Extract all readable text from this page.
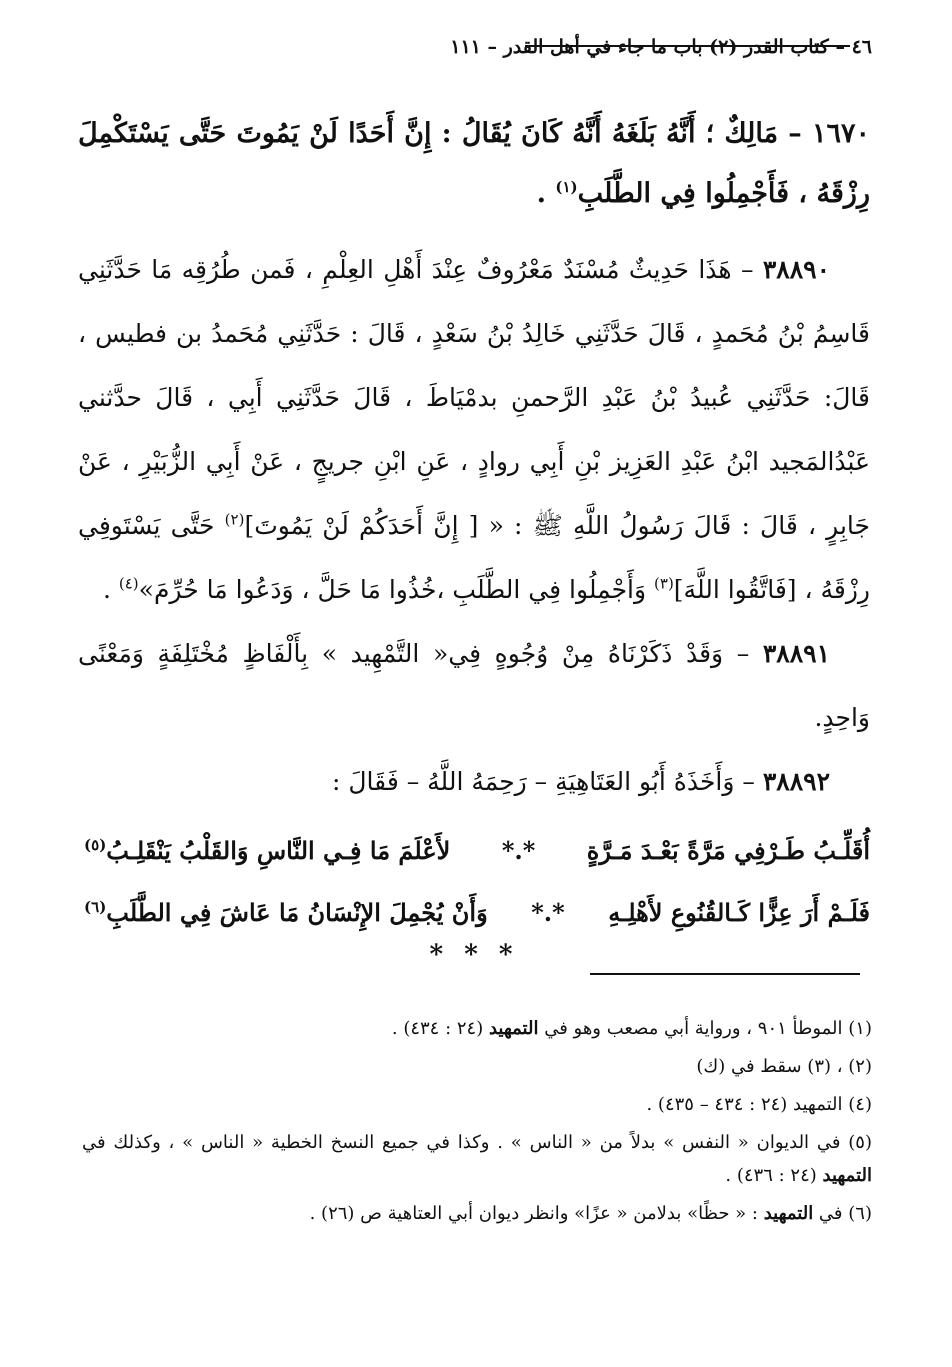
٤٦ – كتاب القدر (٢) باب ما جاء في أهل القدر – ١١١

١٦٧٠ – مَالِكٌ ؛ أَنَّهُ بَلَغَهُ أَنَّهُ كَانَ يُقَالُ : إِنَّ أَحَدًا لَنْ يَمُوتَ حَتَّى يَسْتَكْمِلَ رِزْقَهُ ، فَأَجْمِلُوا فِي الطَّلَبِ$^{(١)}$ .

٣٨٨٩٠ – هَذَا حَدِيثٌ مُسْنَدٌ مَعْرُوفٌ عِنْدَ أَهْلِ العِلْمِ ، فَمن طُرُقِه مَا حَدَّثَنِي قَاسِمُ بْنُ مُحَمدٍ ، قَالَ حَدَّثَنِي خَالِدُ بْنُ سَعْدٍ ، قَالَ : حَدَّثَنِي مُحَمدُ بن فطيس ، قَالَ: حَدَّثَنِي عُبيدُ بْنُ عَبْدِ الرَّحمنِ بدمْيَاطَ ، قَالَ حَدَّثَنِي أَبِي ، قَالَ حدَّثني عَبْدُالمَجيد ابْنُ عَبْدِ العَزِيز بْنِ أَبِي روادٍ ، عَنِ ابْنِ جريجٍ ، عَنْ أَبِي الزُّبَيْرِ ، عَنْ جَابِرٍ ، قَالَ : قَالَ رَسُولُ اللَّهِ ﷺ : « [ إِنَّ أَحَدَكُمْ لَنْ يَمُوتَ]$^{(٢)}$ حَتَّى يَسْتَوفِي رِزْقَهُ ، [فَاتَّقُوا اللَّهَ]$^{(٣)}$ وَأَجْمِلُوا فِي الطَّلَبِ ،خُذُوا مَا حَلَّ ، وَدَعُوا مَا حُرِّمَ»$^{(٤)}$ .

٣٨٨٩١ – وَقَدْ ذَكَرْنَاهُ مِنْ وُجُوهٍ فِي« التَّمْهِيد » بِأَلْفَاظٍ مُخْتَلِفَةٍ وَمَعْنًى وَاحِدٍ.

٣٨٨٩٢ – وَأَخَذَهُ أَبُو العَتَاهِيَةِ – رَحِمَهُ اللَّهُ – فَقَالَ :

أُقَلِّـبُ طَـرْفِي مَرَّةً بَعْـدَ مَـرَّةٍ
*.*
لأَعْلَمَ مَا فِـي النَّاسِ وَالقَلْبُ يَنْقَلِـبُ$^{(٥)}$
فَلَـمْ أَرَ عِزًّا كَـالقُنُوعِ لأَهْلِـهِ
*.*
وَأَنْ يُجْمِلَ الإِنْسَانُ مَا عَاشَ فِي الطَّلَبِ$^{(٦)}$
* * *

(١) الموطأ ٩٠١ ، ورواية أبي مصعب وهو في التمهيد (٢٤ : ٤٣٤) .

(٢) ، (٣) سقط في (ك)

(٤) التمهيد (٢٤ : ٤٣٤ – ٤٣٥) .

(٥) في الديوان « النفس » بدلاً من « الناس » . وكذا في جميع النسخ الخطية « الناس » ، وكذلك في التمهيد (٢٤ : ٤٣٦) .

(٦) في التمهيد : « حظًا» بدلامن « عزًا» وانظر ديوان أبي العتاهية ص (٢٦) .
